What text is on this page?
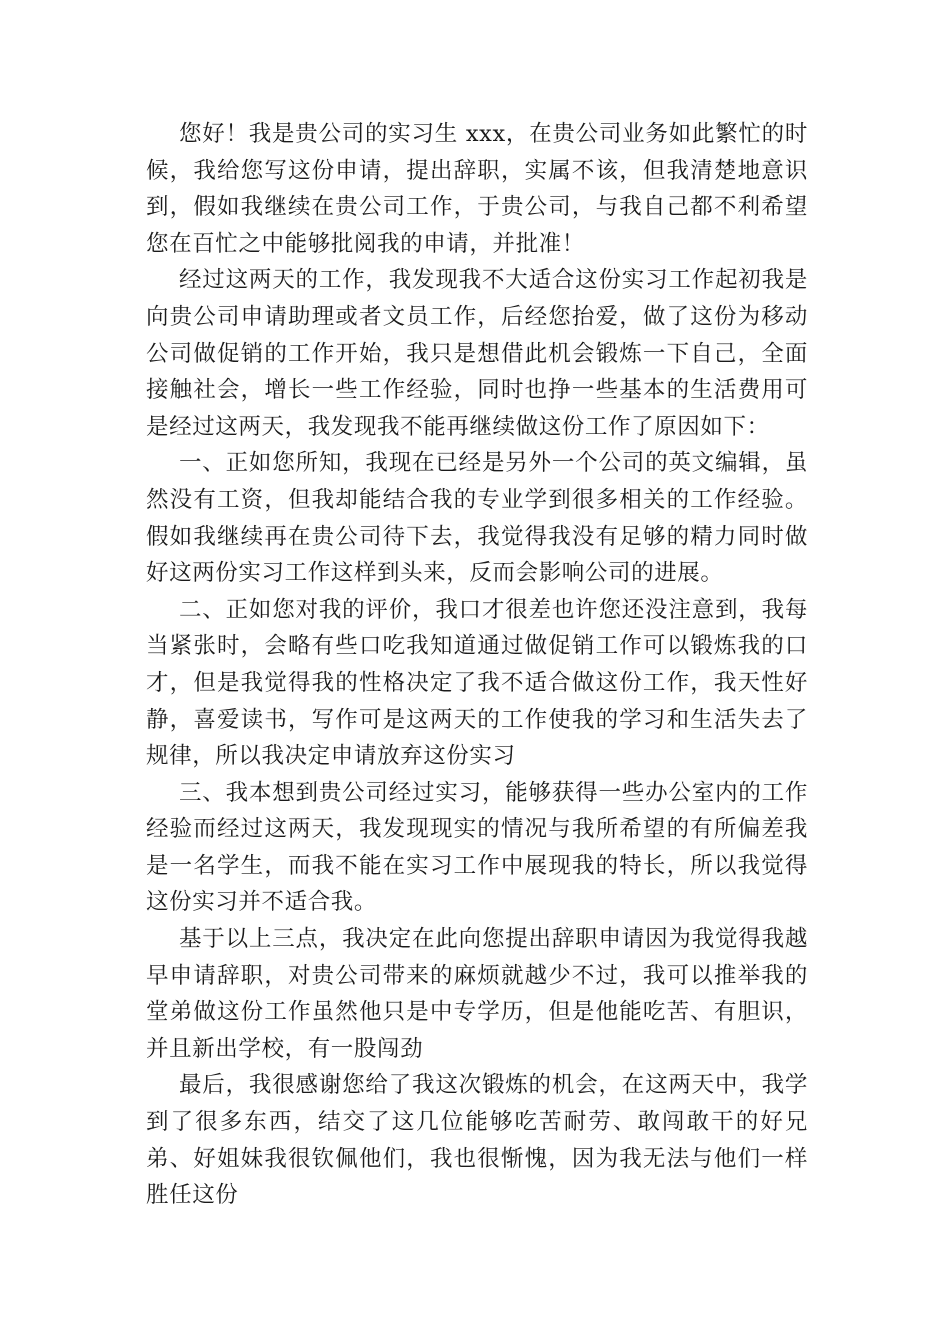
您好！我是贵公司的实习生 xxx，在贵公司业务如此繁忙的时候，我给您写这份申请，提出辞职，实属不该，但我清楚地意识到，假如我继续在贵公司工作，于贵公司，与我自己都不利希望您在百忙之中能够批阅我的申请，并批准！

经过这两天的工作，我发现我不大适合这份实习工作起初我是向贵公司申请助理或者文员工作，后经您抬爱，做了这份为移动公司做促销的工作开始，我只是想借此机会锻炼一下自己，全面接触社会，增长一些工作经验，同时也挣一些基本的生活费用可是经过这两天，我发现我不能再继续做这份工作了原因如下：

一、正如您所知，我现在已经是另外一个公司的英文编辑，虽然没有工资，但我却能结合我的专业学到很多相关的工作经验。假如我继续再在贵公司待下去，我觉得我没有足够的精力同时做好这两份实习工作这样到头来，反而会影响公司的进展。

二、正如您对我的评价，我口才很差也许您还没注意到，我每当紧张时，会略有些口吃我知道通过做促销工作可以锻炼我的口才，但是我觉得我的性格决定了我不适合做这份工作，我天性好静，喜爱读书，写作可是这两天的工作使我的学习和生活失去了规律，所以我决定申请放弃这份实习

三、我本想到贵公司经过实习，能够获得一些办公室内的工作经验而经过这两天，我发现现实的情况与我所希望的有所偏差我是一名学生，而我不能在实习工作中展现我的特长，所以我觉得这份实习并不适合我。

基于以上三点，我决定在此向您提出辞职申请因为我觉得我越早申请辞职，对贵公司带来的麻烦就越少不过，我可以推举我的堂弟做这份工作虽然他只是中专学历，但是他能吃苦、有胆识，并且新出学校，有一股闯劲

最后，我很感谢您给了我这次锻炼的机会，在这两天中，我学到了很多东西，结交了这几位能够吃苦耐劳、敢闯敢干的好兄弟、好姐妹我很钦佩他们，我也很惭愧，因为我无法与他们一样胜任这份
